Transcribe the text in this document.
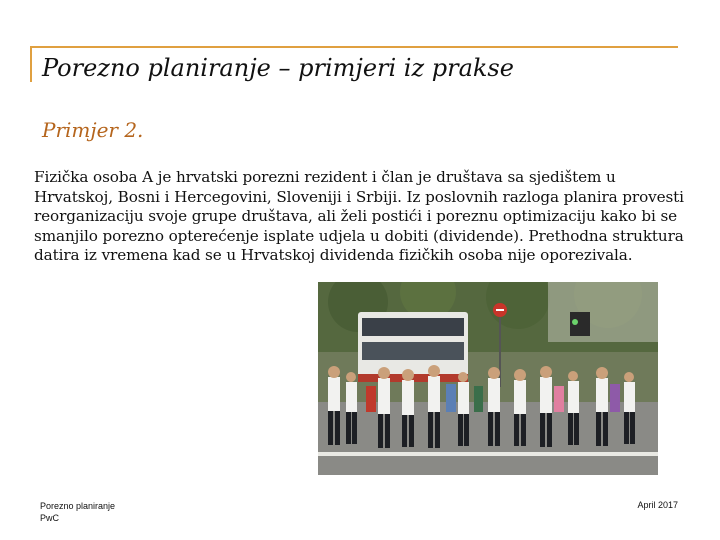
Porezno planiranje – primjeri iz prakse
Primjer 2.

Fizička osoba A je hrvatski porezni rezident i član je društava sa sjedištem u Hrvatskoj, Bosni i Hercegovini, Sloveniji i Srbiji. Iz poslovnih razloga planira provesti reorganizaciju svoje grupe društava, ali želi postići i poreznu optimizaciju kako bi se smanjilo porezno opterećenje isplate udjela u dobiti (dividende). Prethodna struktura datira iz vremena kad se u Hrvatskoj dividenda fizičkih osoba nije oporezivala.

Porezno planiranje
PwC
April 2017
